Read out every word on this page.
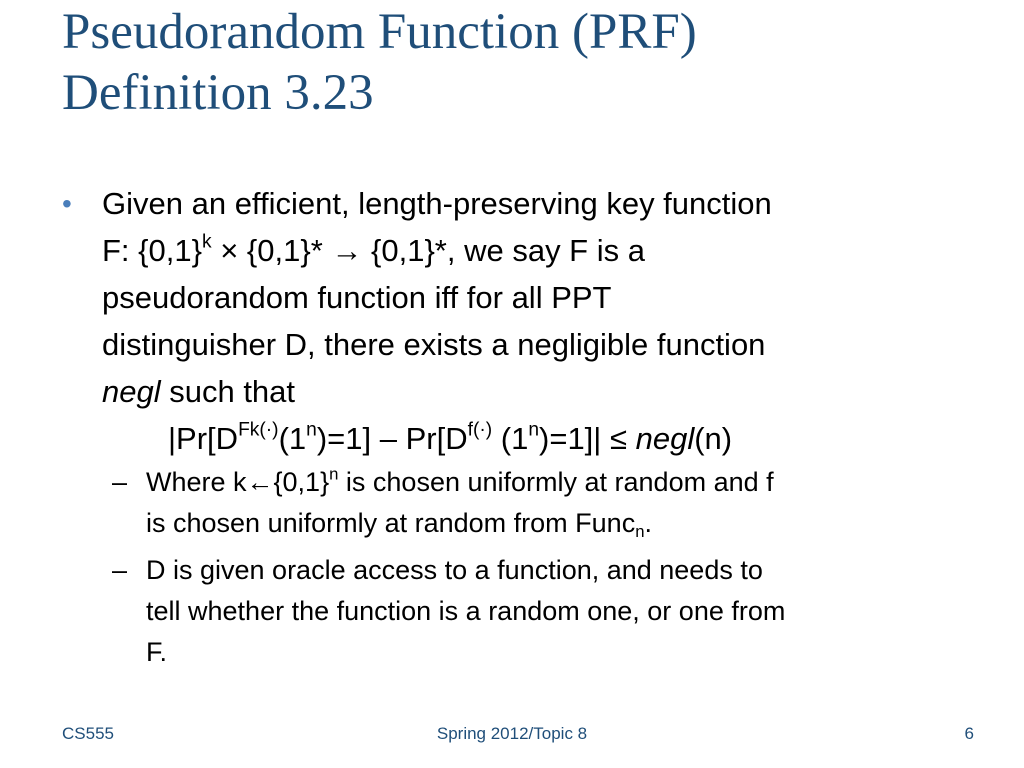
Pseudorandom Function (PRF)
Definition 3.23
• Given an efficient, length-preserving key function
F: $\{0,1\}^k \times \{0,1\}* \to \{0,1\}*$, we say F is a
pseudorandom function iff for all PPT
distinguisher D, there exists a negligible function
negl such that
$|Pr[D^{Fk(\cdot)}(1^n)=1] - Pr[D^{f(\cdot)}$ $(1^n)=1]|$ ≤ negl(n)
– Where $k\leftarrow\{0,1\}^n$ is chosen uniformly at random and f
is chosen uniformly at random from Func$_n$.
– D is given oracle access to a function, and needs to
tell whether the function is a random one, or one from
F.
CS555	Spring 2012/Topic 8	6
